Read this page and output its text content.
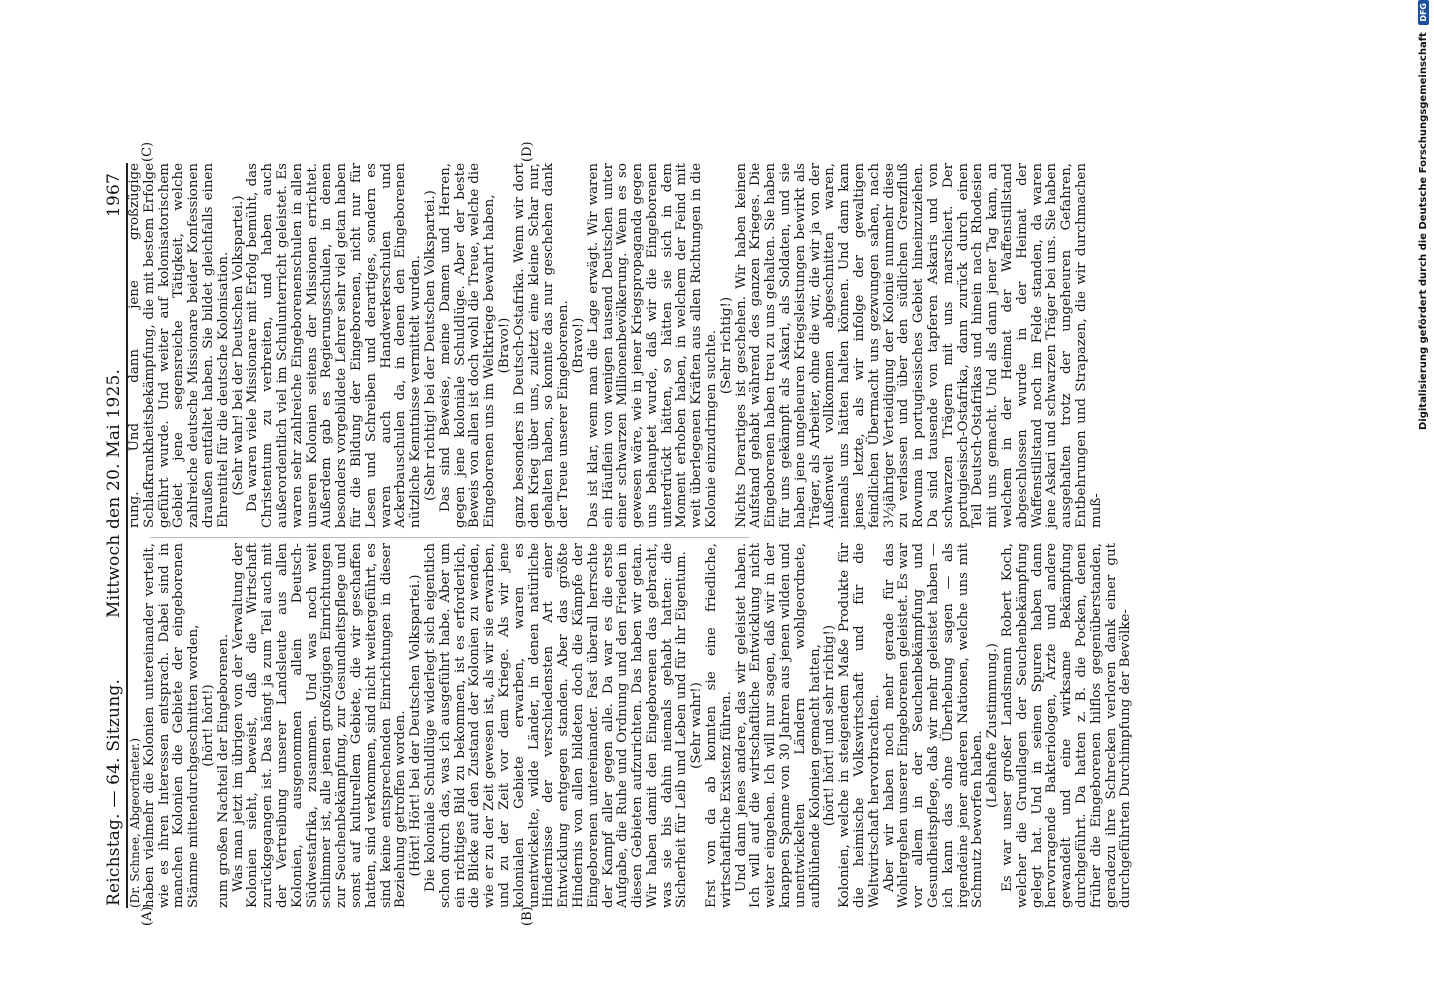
Reichstag. — 64. Sitzung.
Mittwoch den 20. Mai 1925.
1967
(A)	(B)
(C)	(D)

(Dr. Schnee, Abgeordneter.) haben vielmehr die Kolonien untereinander verteilt, wie es ihren Interessen entsprach. Dabei sind in manchen Kolonien die Gebiete der eingeborenen Stämme mittendurchgeschnitten worden, (hört! hört!) zum großen Nachteil der Eingeborenen. Was man jetzt im übrigen von der Verwaltung der Kolonien sieht, beweist, daß die Wirtschaft zurückgegangen ist. Das hängt ja zum Teil auch mit der Vertreibung unserer Landsleute aus allen Kolonien, ausgenommen allein Deutsch-Südwestafrika, zusammen. Und was noch weit schlimmer ist, alle jenen großzügigen Einrichtungen zur Seuchenbekämpfung, zur Gesundheitspflege und sonst auf kulturellem Gebiete, die wir geschaffen hatten, sind verkommen, sind nicht weitergeführt, es sind keine entsprechenden Einrichtungen in dieser Beziehung getroffen worden. (Hört! Hört! bei der Deutschen Volkspartei.) Die koloniale Schuldlüge widerlegt sich eigentlich schon durch das, was ich ausgeführt habe. Aber um ein richtiges Bild zu bekommen, ist es erforderlich, die Blicke auf den Zustand der Kolonien zu wenden, wie er zu der Zeit gewesen ist, als wir sie erwarben, und zu der Zeit vor dem Kriege. Als wir jene kolonialen Gebiete erwarben, waren es unentwickelte, wilde Länder, in denen natürliche Hindernisse der verschiedensten Art einer Entwicklung entgegen standen. Aber das größte Hindernis von allen bildeten doch die Kämpfe der Eingeborenen untereinander. Fast überall herrschte der Kampf aller gegen alle. Da war es die erste Aufgabe, die Ruhe und Ordnung und den Frieden in diesen Gebieten aufzurichten. Das haben wir getan. Wir haben damit den Eingeborenen das gebracht, was sie bis dahin niemals gehabt hatten: die Sicherheit für Leib und Leben und für ihr Eigentum. (Sehr wahr!) Erst von da ab konnten sie eine friedliche, wirtschaftliche Existenz führen. Und dann jenes andere, das wir geleistet haben. Ich will auf die wirtschaftliche Entwicklung nicht weiter eingehen. Ich will nur sagen, daß wir in der knappen Spanne von 30 Jahren aus jenen wilden und unentwickelten Ländern wohlgeordnete, aufblühende Kolonien gemacht hatten, (hört! hört! und sehr richtig!) Kolonien, welche in steigendem Maße Produkte für die heimische Volkswirtschaft und für die Weltwirtschaft hervorbrachten. Aber wir haben noch mehr gerade für das Wohlergehen unserer Eingeborenen geleistet. Es war vor allem in der Seuchenbekämpfung und Gesundheitspflege, daß wir mehr geleistet haben — ich kann das ohne Überhebung sagen — als irgendeine jener anderen Nationen, welche uns mit Schmutz beworfen haben.

(Lebhafte Zustimmung.) Es war unser großer Landsmann Robert Koch, welcher die Grundlagen der Seuchenbekämpfung gelegt hat. Und in seinen Spuren haben dann hervorragende Bakteriologen, Ärzte und andere gewandelt und eine wirksame Bekämpfung durchgeführt. Da hatten z. B. die Pocken, denen früher die Eingeborenen hilflos gegenüberstanden, geradezu ihre Schrecken verloren dank einer gut durchgeführten Durchimpfung der Bevölke-

rung. Und dann jene großzügige Schlafkrankheitsbekämpfung, die mit bestem Erfolge geführt wurde. Und weiter auf kolonisatorischem Gebiet jene segensreiche Tätigkeit, welche zahlreiche deutsche Missionare beider Konfessionen draußen entfaltet haben. Sie bildet gleichfalls einen Ehrentitel für die deutsche Kolonisation. (Sehr wahr! bei der Deutschen Volkspartei.) Da waren viele Missionare mit Erfolg bemüht, das Christentum zu verbreiten, und haben auch außerordentlich viel im Schulunterricht geleistet. Es waren sehr zahlreiche Eingeborenenschulen in allen unseren Kolonien seitens der Missionen errichtet. Außerdem gab es Regierungsschulen, in denen besonders vorgebildete Lehrer sehr viel getan haben für die Bildung der Eingeborenen, nicht nur für Lesen und Schreiben und derartiges, sondern es waren auch Handwerkerschulen und Ackerbauschulen da, in denen den Eingeborenen nützliche Kenntnisse vermittelt wurden. (Sehr richtig! bei der Deutschen Volkspartei.) Das sind Beweise, meine Damen und Herren, gegen jene koloniale Schuldlüge. Aber der beste Beweis von allen ist doch wohl die Treue, welche die Eingeborenen uns im Weltkriege bewahrt haben, (Bravo!) ganz besonders in Deutsch-Ostafrika. Wenn wir dort den Krieg über uns, zuletzt eine kleine Schar nur, gehalten haben, so konnte das nur geschehen dank der Treue unserer Eingeborenen. (Bravo!) Das ist klar, wenn man die Lage erwägt. Wir waren ein Häuflein von wenigen tausend Deutschen unter einer schwarzen Millionenbevölkerung. Wenn es so gewesen wäre, wie in jener Kriegspropaganda gegen uns behauptet wurde, daß wir die Eingeborenen unterdrückt hätten, so hätten sie sich in dem Moment erhoben haben, in welchem der Feind mit weit überlegenen Kräften aus allen Richtungen in die Kolonie einzudringen suchte. (Sehr richtig!) Nichts Derartiges ist geschehen. Wir haben keinen Aufstand gehabt während des ganzen Krieges. Die Eingeborenen haben treu zu uns gehalten. Sie haben für uns gekämpft als Askari, als Soldaten, und sie haben jene ungeheuren Kriegsleistungen bewirkt als Träger, als Arbeiter, ohne die wir, die wir ja von der Außenwelt vollkommen abgeschnitten waren, niemals uns hätten halten können. Und dann kam jenes letzte, als wir infolge der gewaltigen feindlichen Übermacht uns gezwungen sahen, nach 3½jähriger Verteidigung der Kolonie nunmehr diese zu verlassen und über den südlichen Grenzfluß Rowuma in portugiesisches Gebiet hineinzuziehen. Da sind tausende von tapferen Askaris und von schwarzen Trägern mit uns marschiert. Der portugiesisch-Ostafrika, dann zurück durch einen Teil Deutsch-Ostafrikas und hinein nach Rhodesien mit uns gemacht. Und als dann jener Tag kam, an welchem in der Heimat der Waffenstillstand abgeschlossen wurde in der Heimat der Waffenstillstand noch im Felde standen, da waren jene Askari und schwarzen Träger bei uns. Sie haben ausgehalten trotz der ungeheuren Gefahren, Entbehrungen und Strapazen, die wir durchmachen muß-

Digitalisierung gefördert durch die Deutsche Forschungsgemeinschaft DFG
